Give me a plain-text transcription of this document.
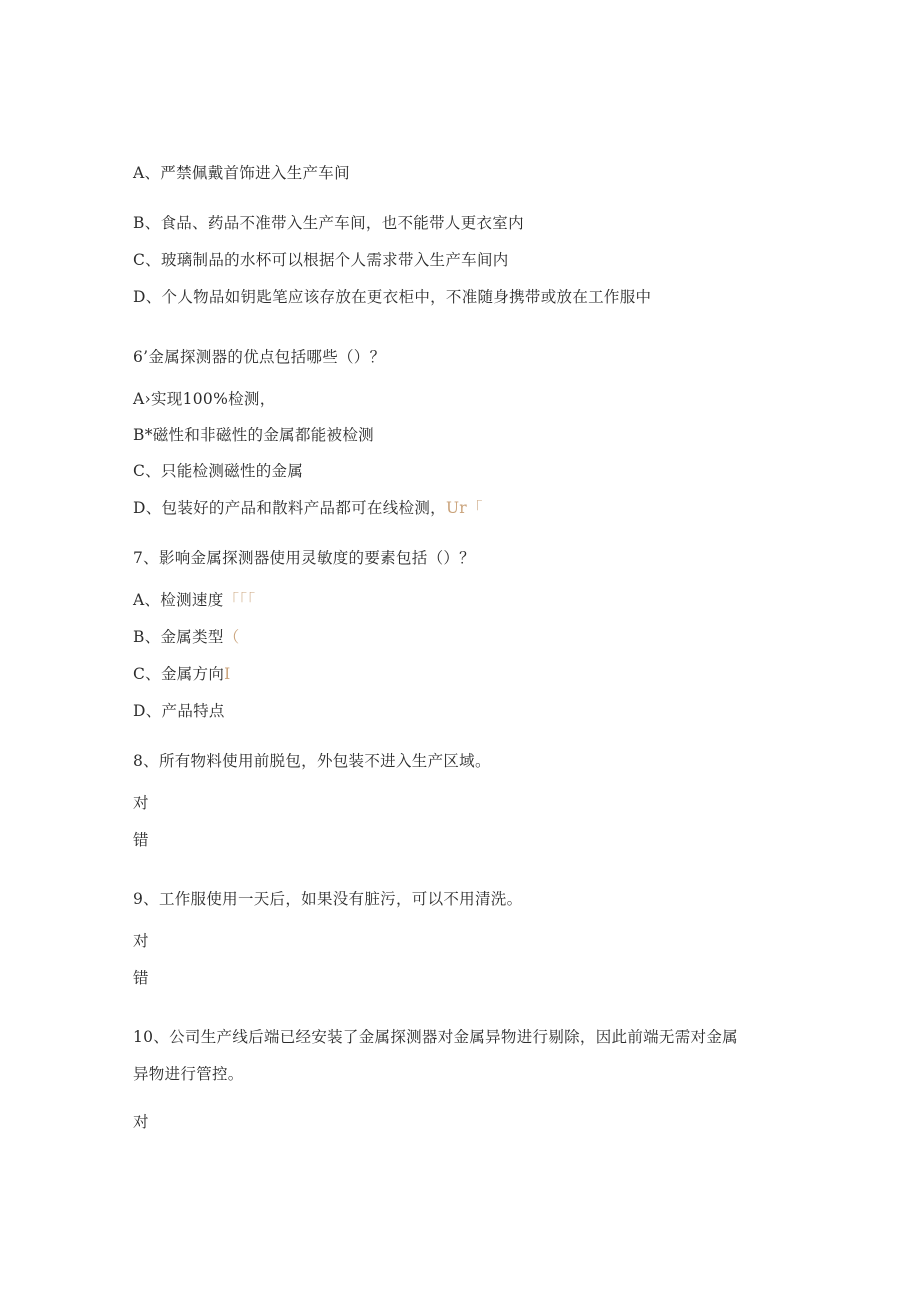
A、严禁佩戴首饰进入生产车间
B、食品、药品不准带入生产车间，也不能带人更衣室内
C、玻璃制品的水杯可以根据个人需求带入生产车间内
D、个人物品如钥匙笔应该存放在更衣柜中，不准随身携带或放在工作服中
6’金属探测器的优点包括哪些（）？
A›实现100%检测，
B*磁性和非磁性的金属都能被检测
C、只能检测磁性的金属
D、包装好的产品和散料产品都可在线检测，Ur「
7、影响金属探测器使用灵敏度的要素包括（）？
A、检测速度「「「
B、金属类型（
C、金属方向I
D、产品特点
8、所有物料使用前脱包，外包装不进入生产区域。
对
错
9、工作服使用一天后，如果没有脏污，可以不用清洗。
对
错
10、公司生产线后端已经安装了金属探测器对金属异物进行剔除，因此前端无需对金属
异物进行管控。
对
